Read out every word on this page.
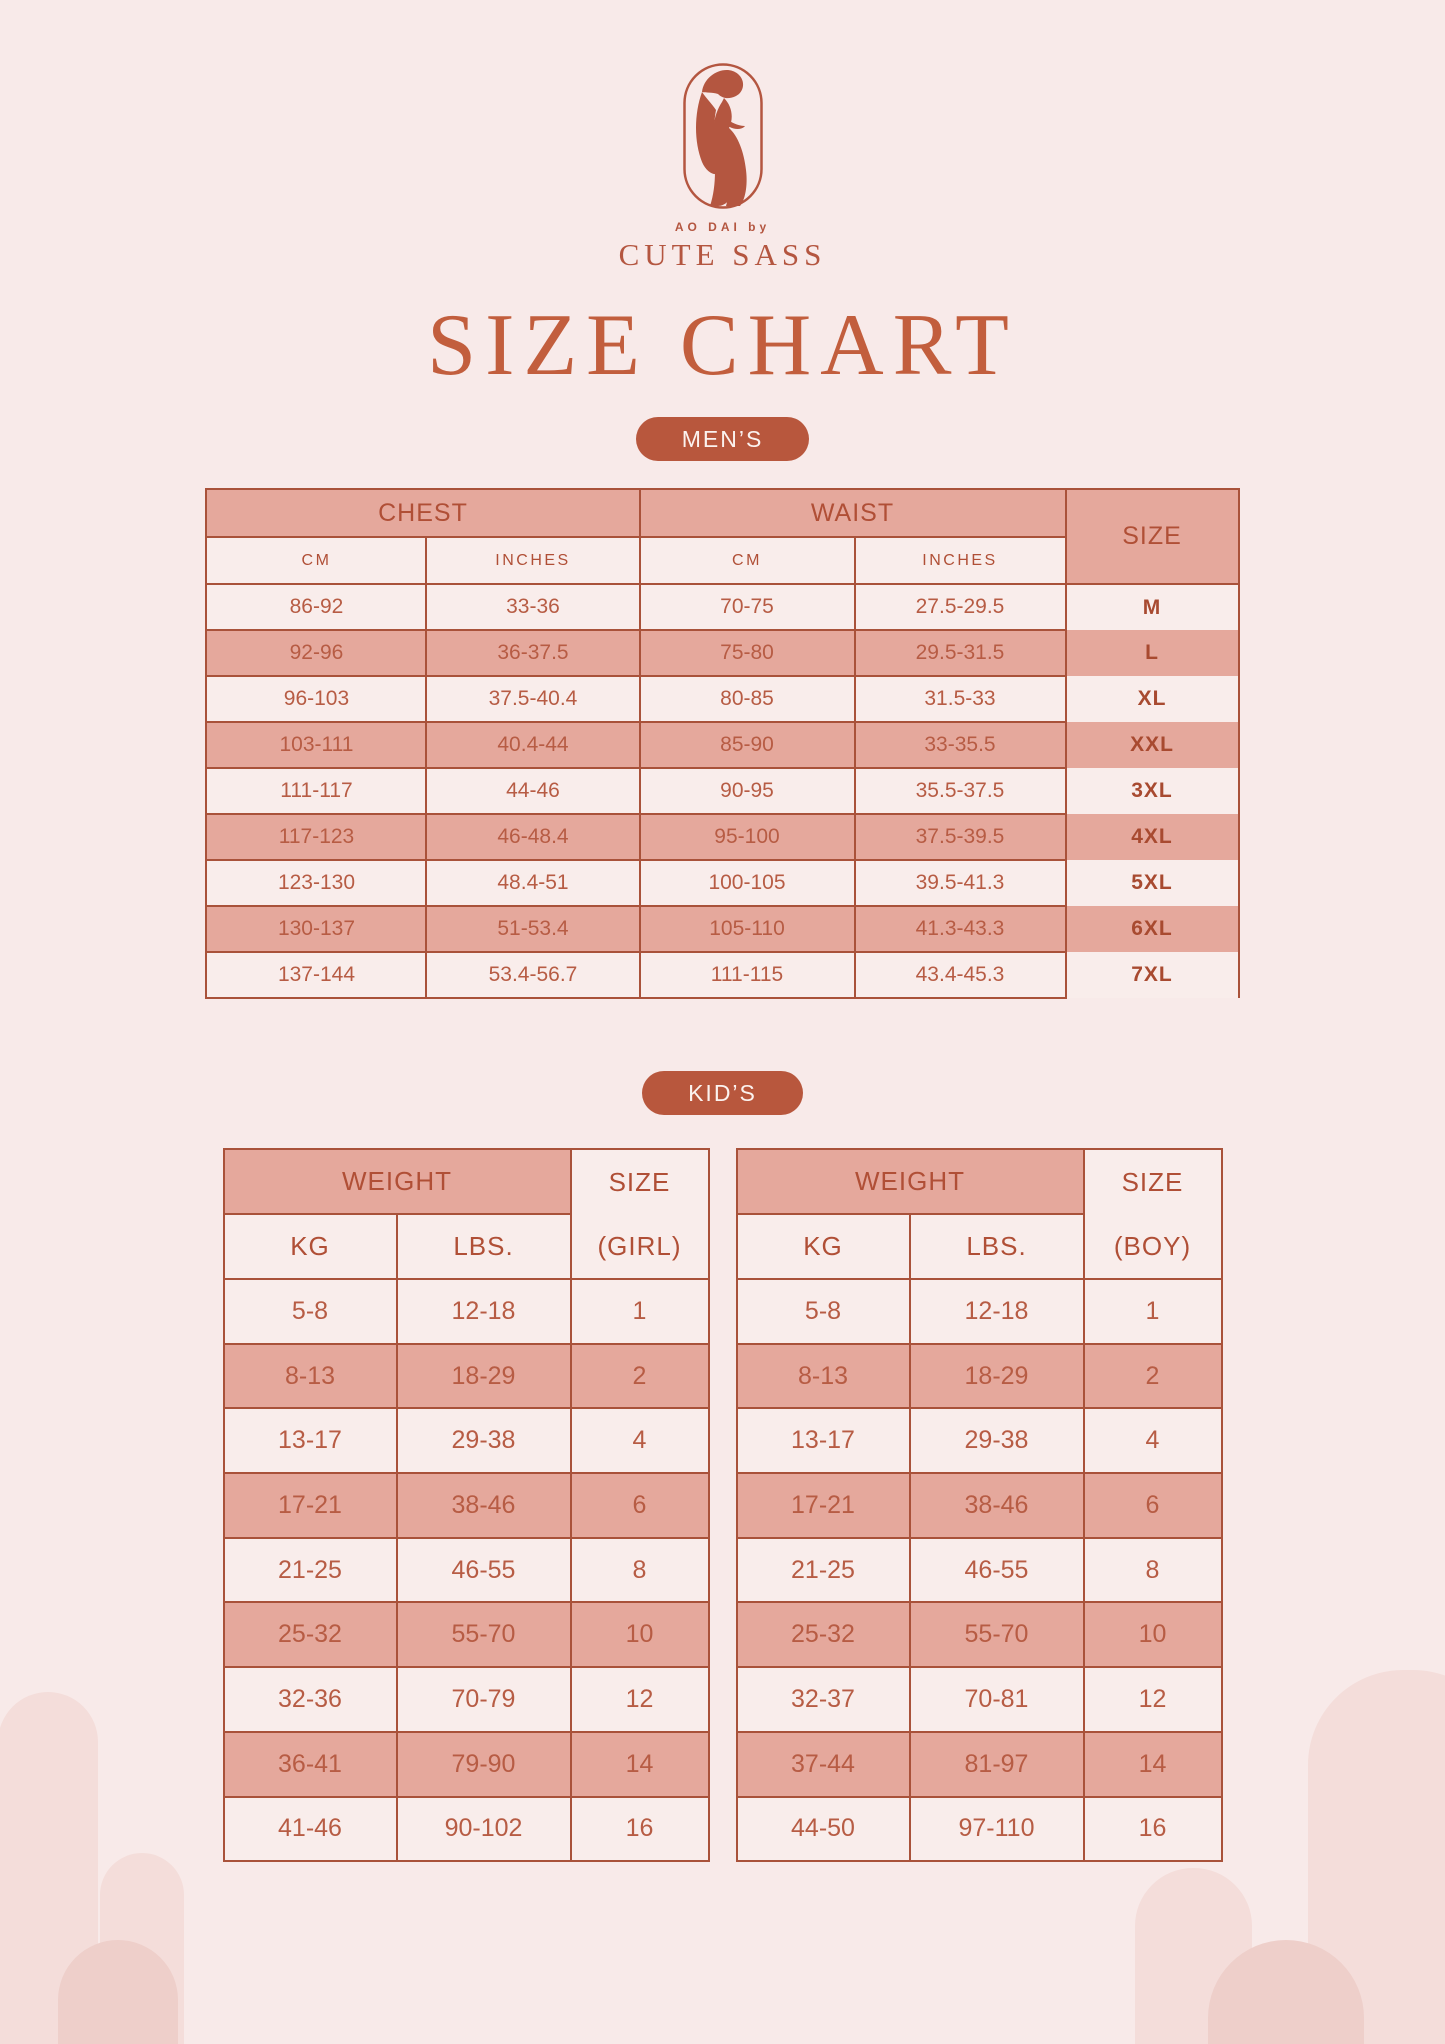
AO DAI by
CUTE SASS
SIZE CHART
MEN’S
CHEST		WAIST		SIZE
CM	INCHES	CM	INCHES	
86-92	33-36	70-75	27.5-29.5	M
92-96	36-37.5	75-80	29.5-31.5	L
96-103	37.5-40.4	80-85	31.5-33	XL
103-111	40.4-44	85-90	33-35.5	XXL
111-117	44-46	90-95	35.5-37.5	3XL
117-123	46-48.4	95-100	37.5-39.5	4XL
123-130	48.4-51	100-105	39.5-41.3	5XL
130-137	51-53.4	105-110	41.3-43.3	6XL
137-144	53.4-56.7	111-115	43.4-45.3	7XL
KID’S
WEIGHT		SIZE
(GIRL)

KG	LBS.	
5-8	12-18	1
8-13	18-29	2
13-17	29-38	4
17-21	38-46	6
21-25	46-55	8
25-32	55-70	10
32-36	70-79	12
36-41	79-90	14
41-46	90-102	16
WEIGHT		SIZE
(BOY)

KG	LBS.	
5-8	12-18	1
8-13	18-29	2
13-17	29-38	4
17-21	38-46	6
21-25	46-55	8
25-32	55-70	10
32-37	70-81	12
37-44	81-97	14
44-50	97-110	16
